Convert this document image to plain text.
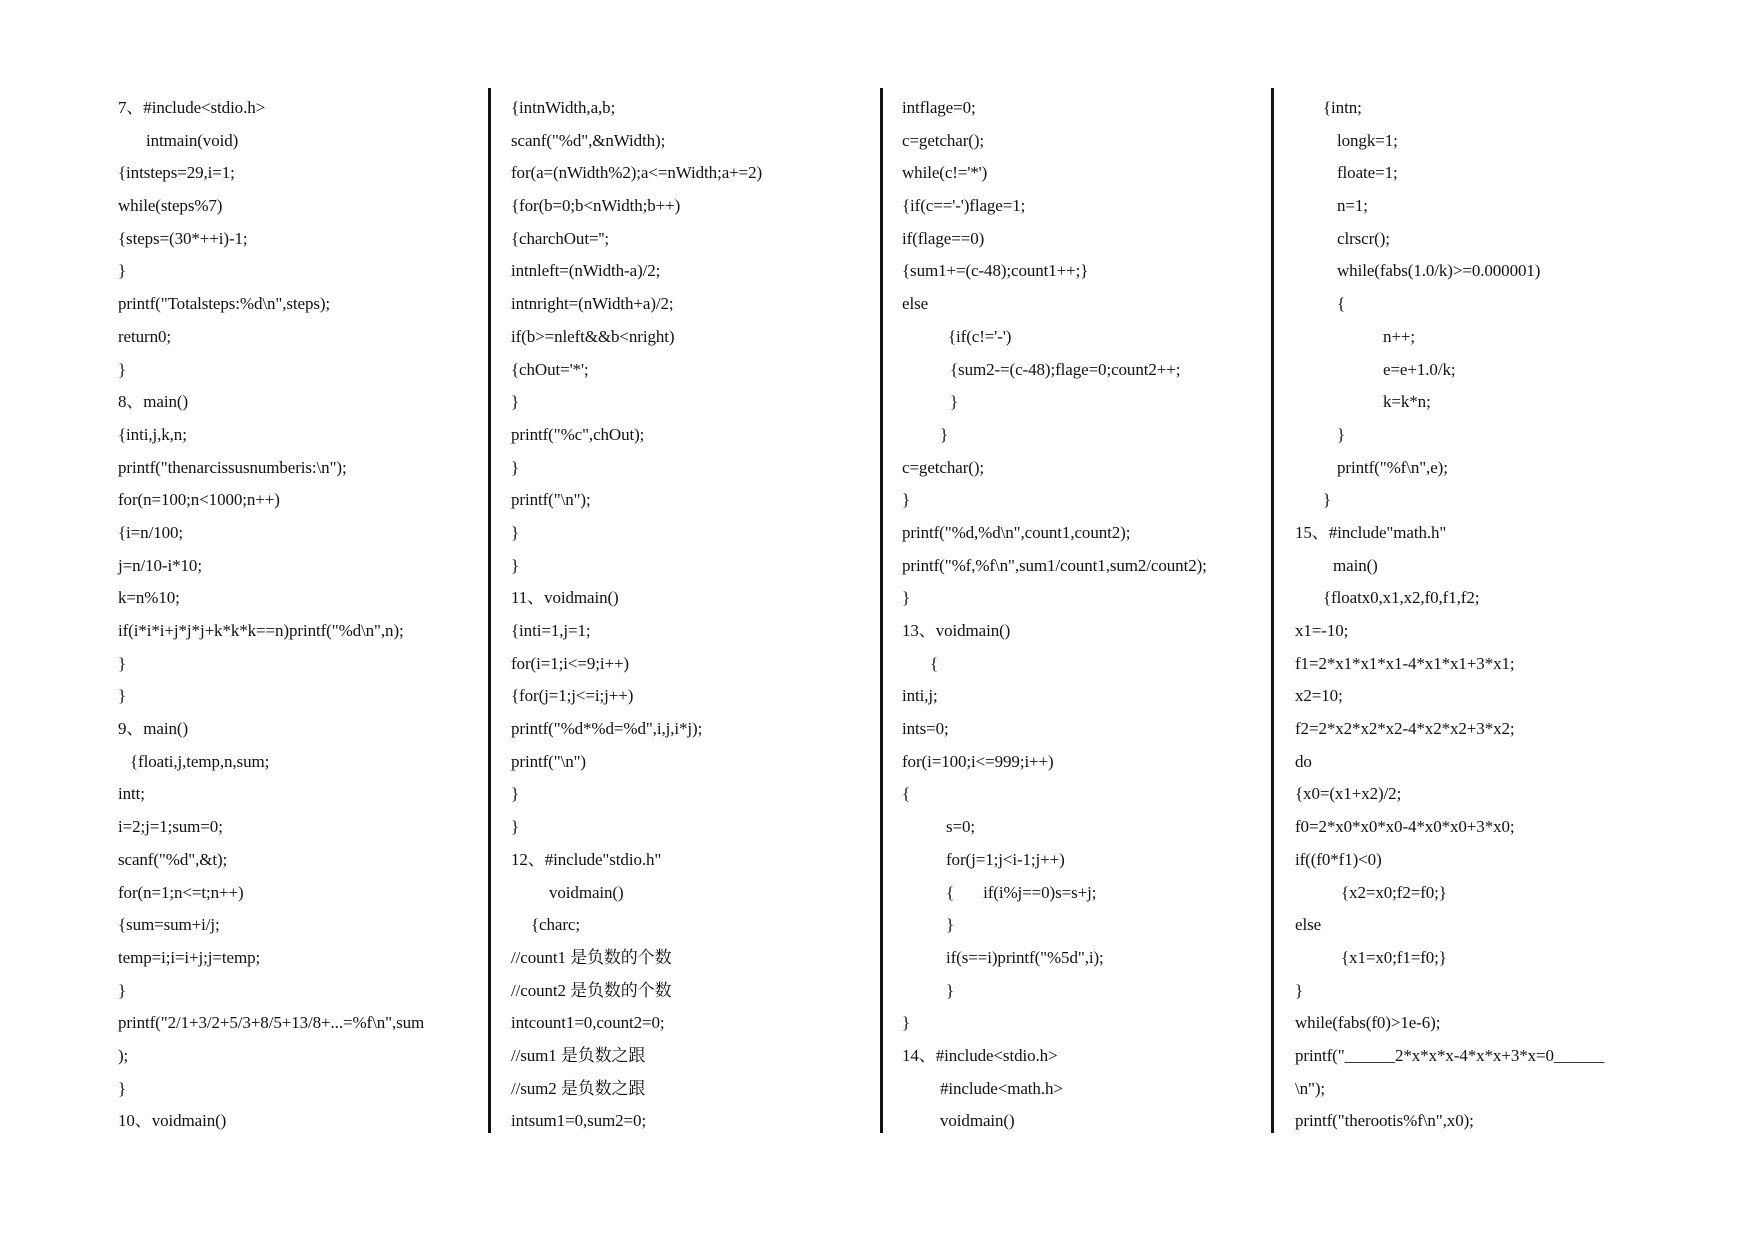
7、#include<stdio.h>
intmain(void)
{intsteps=29,i=1;
while(steps%7)
{steps=(30*++i)-1;
}
printf("Totalsteps:%d\n",steps);
return0;
}
8、main()
{inti,j,k,n;
printf("thenarcissusnumberis:\n");
for(n=100;n<1000;n++)
{i=n/100;
j=n/10-i*10;
k=n%10;
if(i*i*i+j*j*j+k*k*k==n)printf("%d\n",n);
}
}
9、main()
{floati,j,temp,n,sum;
intt;
i=2;j=1;sum=0;
scanf("%d",&t);
for(n=1;n<=t;n++)
{sum=sum+i/j;
temp=i;i=i+j;j=temp;
}
printf("2/1+3/2+5/3+8/5+13/8+...=%f\n",sum
);
}
10、voidmain()
{intnWidth,a,b;
scanf("%d",&nWidth);
for(a=(nWidth%2);a<=nWidth;a+=2)
{for(b=0;b<nWidth;b++)
{charchOut='';
intnleft=(nWidth-a)/2;
intnright=(nWidth+a)/2;
if(b>=nleft&&b<nright)
{chOut='*';
}
printf("%c",chOut);
}
printf("\n");
}
}
11、voidmain()
{inti=1,j=1;
for(i=1;i<=9;i++)
{for(j=1;j<=i;j++)
printf("%d*%d=%d",i,j,i*j);
printf("\n")
}
}
12、#include"stdio.h"
voidmain()
{charc;
//count1 是负数的个数
//count2 是负数的个数
intcount1=0,count2=0;
//sum1 是负数之跟
//sum2 是负数之跟
intsum1=0,sum2=0;
intflage=0;
c=getchar();
while(c!='*')
{if(c=='-')flage=1;
if(flage==0)
{sum1+=(c-48);count1++;}
else
{if(c!='-')
{sum2-=(c-48);flage=0;count2++;
}
}
c=getchar();
}
printf("%d,%d\n",count1,count2);
printf("%f,%f\n",sum1/count1,sum2/count2);
}
13、voidmain()
{
inti,j;
ints=0;
for(i=100;i<=999;i++)
{
s=0;
for(j=1;j<i-1;j++)
{       if(i%j==0)s=s+j;
}
if(s==i)printf("%5d",i);
}
}
14、#include<stdio.h>
#include<math.h>
voidmain()
{intn;
longk=1;
floate=1;
n=1;
clrscr();
while(fabs(1.0/k)>=0.000001)
{
n++;
e=e+1.0/k;
k=k*n;
}
printf("%f\n",e);
}
15、#include"math.h"
main()
{floatx0,x1,x2,f0,f1,f2;
x1=-10;
f1=2*x1*x1*x1-4*x1*x1+3*x1;
x2=10;
f2=2*x2*x2*x2-4*x2*x2+3*x2;
do
{x0=(x1+x2)/2;
f0=2*x0*x0*x0-4*x0*x0+3*x0;
if((f0*f1)<0)
{x2=x0;f2=f0;}
else
{x1=x0;f1=f0;}
}
while(fabs(f0)>1e-6);
printf("______2*x*x*x-4*x*x+3*x=0______
\n");
printf("therootis%f\n",x0);
